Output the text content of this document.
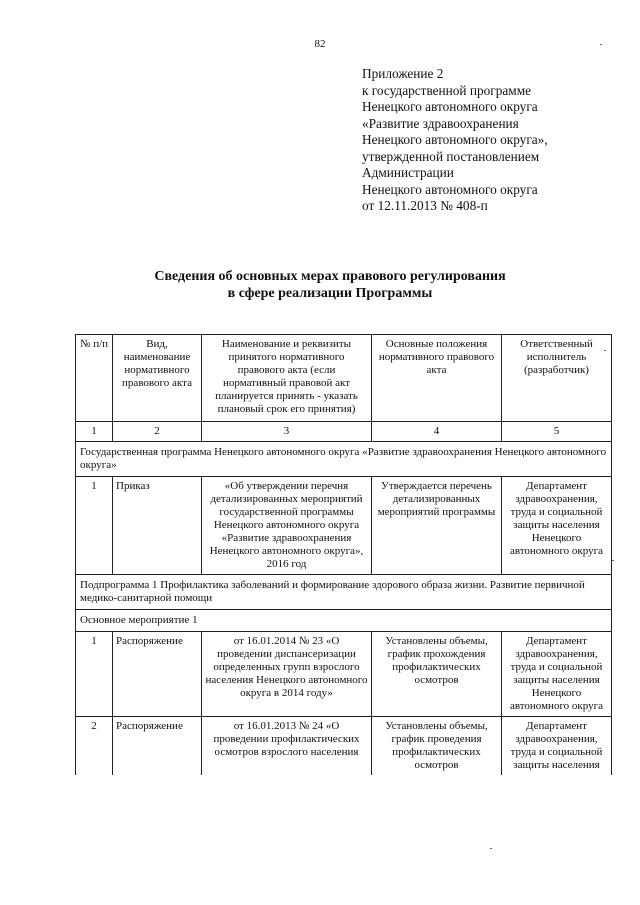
82
Приложение 2
к государственной программе
Ненецкого автономного округа
«Развитие здравоохранения
Ненецкого автономного округа»,
утвержденной постановлением
Администрации
Ненецкого автономного округа
от 12.11.2013 № 408-п
Сведения об основных мерах правового регулирования
в сфере реализации Программы
№ п/п	Вид, наименование нормативного правового акта	Наименование и реквизиты принятого нормативного правового акта (если нормативный правовой акт планируется принять - указать плановый срок его принятия)	Основные положения нормативного правового акта	Ответственный исполнитель (разработчик)
1	2	3	4	5
Государственная программа Ненецкого автономного округа «Развитие здравоохранения Ненецкого автономного округа»				
1	Приказ	«Об утверждении перечня детализированных мероприятий государственной программы Ненецкого автономного округа «Развитие здравоохранения Ненецкого автономного округа», 2016 год	Утверждается перечень детализированных мероприятий программы	Департамент здравоохранения, труда и социальной защиты населения Ненецкого автономного округа
Подпрограмма 1 Профилактика заболеваний и формирование здорового образа жизни. Развитие первичной медико-санитарной помощи				
Основное мероприятие 1				
1	Распоряжение	от 16.01.2014 № 23 «О проведении диспансеризации определенных групп взрослого населения Ненецкого автономного округа в 2014 году»	Установлены объемы, график прохождения профилактических осмотров	Департамент здравоохранения, труда и социальной защиты населения Ненецкого автономного округа
2	Распоряжение	от 16.01.2013 № 24 «О проведении профилактических осмотров взрослого населения	Установлены объемы, график проведения профилактических осмотров	Департамент здравоохранения, труда и социальной защиты населения
